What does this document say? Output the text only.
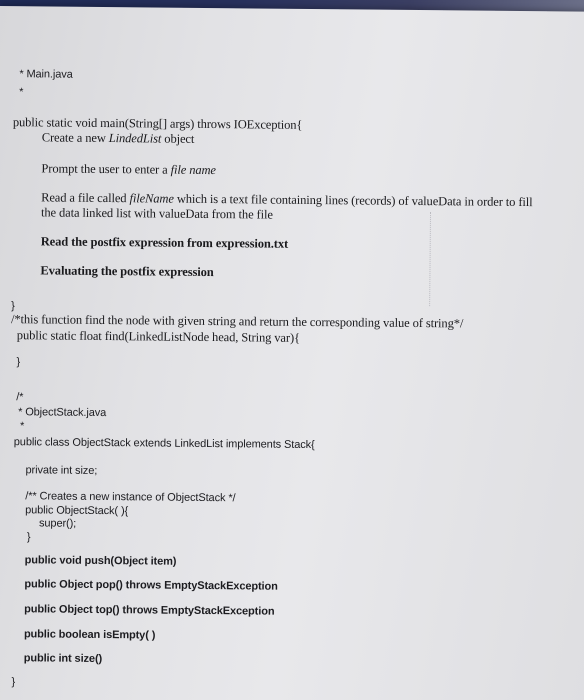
* Main.java
*
public static void main(String[] args) throws IOException{
Create a new LindedList object
Prompt the user to enter a file name
Read a file called fileName which is a text file containing lines (records) of valueData in order to fill
the data linked list with valueData from the file
Read the postfix expression from expression.txt
Evaluating the postfix expression
}
/*this function find the node with given string and return the corresponding value of string*/
public static float find(LinkedListNode head, String var){
}
/*
* ObjectStack.java
*
public class ObjectStack extends LinkedList implements Stack{
private int size;
/** Creates a new instance of ObjectStack */
public ObjectStack( ){
super();
}
public void push(Object item)
public Object pop() throws EmptyStackException
public Object top() throws EmptyStackException
public boolean isEmpty( )
public int size()
}
